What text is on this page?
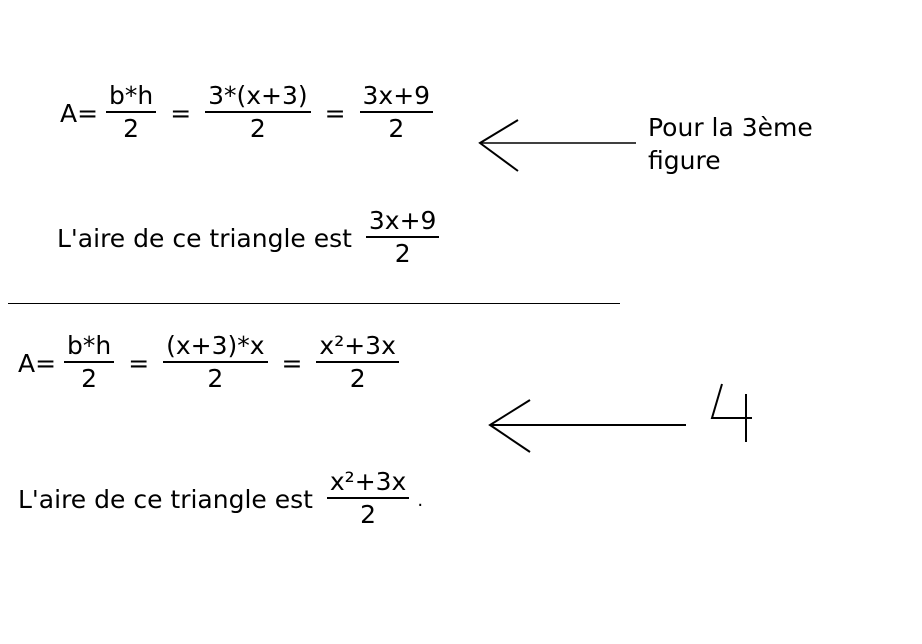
$A= \frac{b*h}{2} = \frac{3*(x+3)}{2} = \frac{3x+9}{2}$	Pour la 3ème
figure
L'aire de ce triangle est $\frac{3x+9}{2}$
$A= \frac{b*h}{2} = \frac{(x+3)*x}{2} = \frac{\text{x²+3x}}{2}$
L'aire de ce triangle est $\frac{\text{x²+3x}}{2}$ .
